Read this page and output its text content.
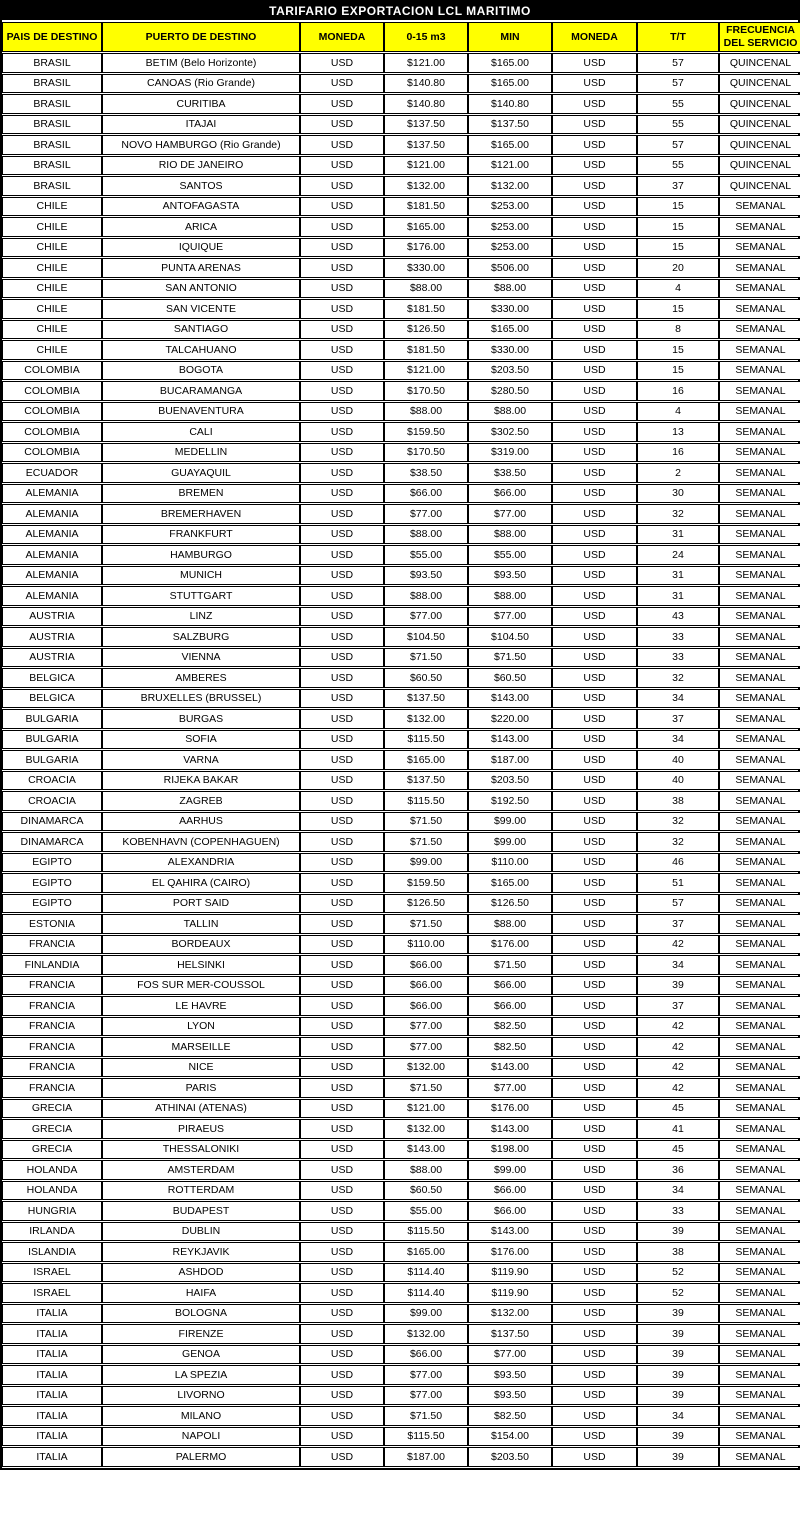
TARIFARIO EXPORTACION LCL MARITIMO
PAIS DE DESTINO	PUERTO DE DESTINO	MONEDA	0-15 m3	MIN	MONEDA	T/T	FRECUENCIA DEL SERVICIO
BRASIL	BETIM (Belo Horizonte)	USD	$121.00	$165.00	USD	57	QUINCENAL
BRASIL	CANOAS (Rio Grande)	USD	$140.80	$165.00	USD	57	QUINCENAL
BRASIL	CURITIBA	USD	$140.80	$140.80	USD	55	QUINCENAL
BRASIL	ITAJAI	USD	$137.50	$137.50	USD	55	QUINCENAL
BRASIL	NOVO HAMBURGO (Rio Grande)	USD	$137.50	$165.00	USD	57	QUINCENAL
BRASIL	RIO DE JANEIRO	USD	$121.00	$121.00	USD	55	QUINCENAL
BRASIL	SANTOS	USD	$132.00	$132.00	USD	37	QUINCENAL
CHILE	ANTOFAGASTA	USD	$181.50	$253.00	USD	15	SEMANAL
CHILE	ARICA	USD	$165.00	$253.00	USD	15	SEMANAL
CHILE	IQUIQUE	USD	$176.00	$253.00	USD	15	SEMANAL
CHILE	PUNTA ARENAS	USD	$330.00	$506.00	USD	20	SEMANAL
CHILE	SAN ANTONIO	USD	$88.00	$88.00	USD	4	SEMANAL
CHILE	SAN VICENTE	USD	$181.50	$330.00	USD	15	SEMANAL
CHILE	SANTIAGO	USD	$126.50	$165.00	USD	8	SEMANAL
CHILE	TALCAHUANO	USD	$181.50	$330.00	USD	15	SEMANAL
COLOMBIA	BOGOTA	USD	$121.00	$203.50	USD	15	SEMANAL
COLOMBIA	BUCARAMANGA	USD	$170.50	$280.50	USD	16	SEMANAL
COLOMBIA	BUENAVENTURA	USD	$88.00	$88.00	USD	4	SEMANAL
COLOMBIA	CALI	USD	$159.50	$302.50	USD	13	SEMANAL
COLOMBIA	MEDELLIN	USD	$170.50	$319.00	USD	16	SEMANAL
ECUADOR	GUAYAQUIL	USD	$38.50	$38.50	USD	2	SEMANAL
ALEMANIA	BREMEN	USD	$66.00	$66.00	USD	30	SEMANAL
ALEMANIA	BREMERHAVEN	USD	$77.00	$77.00	USD	32	SEMANAL
ALEMANIA	FRANKFURT	USD	$88.00	$88.00	USD	31	SEMANAL
ALEMANIA	HAMBURGO	USD	$55.00	$55.00	USD	24	SEMANAL
ALEMANIA	MUNICH	USD	$93.50	$93.50	USD	31	SEMANAL
ALEMANIA	STUTTGART	USD	$88.00	$88.00	USD	31	SEMANAL
AUSTRIA	LINZ	USD	$77.00	$77.00	USD	43	SEMANAL
AUSTRIA	SALZBURG	USD	$104.50	$104.50	USD	33	SEMANAL
AUSTRIA	VIENNA	USD	$71.50	$71.50	USD	33	SEMANAL
BELGICA	AMBERES	USD	$60.50	$60.50	USD	32	SEMANAL
BELGICA	BRUXELLES (BRUSSEL)	USD	$137.50	$143.00	USD	34	SEMANAL
BULGARIA	BURGAS	USD	$132.00	$220.00	USD	37	SEMANAL
BULGARIA	SOFIA	USD	$115.50	$143.00	USD	34	SEMANAL
BULGARIA	VARNA	USD	$165.00	$187.00	USD	40	SEMANAL
CROACIA	RIJEKA BAKAR	USD	$137.50	$203.50	USD	40	SEMANAL
CROACIA	ZAGREB	USD	$115.50	$192.50	USD	38	SEMANAL
DINAMARCA	AARHUS	USD	$71.50	$99.00	USD	32	SEMANAL
DINAMARCA	KOBENHAVN (COPENHAGUEN)	USD	$71.50	$99.00	USD	32	SEMANAL
EGIPTO	ALEXANDRIA	USD	$99.00	$110.00	USD	46	SEMANAL
EGIPTO	EL QAHIRA (CAIRO)	USD	$159.50	$165.00	USD	51	SEMANAL
EGIPTO	PORT SAID	USD	$126.50	$126.50	USD	57	SEMANAL
ESTONIA	TALLIN	USD	$71.50	$88.00	USD	37	SEMANAL
FRANCIA	BORDEAUX	USD	$110.00	$176.00	USD	42	SEMANAL
FINLANDIA	HELSINKI	USD	$66.00	$71.50	USD	34	SEMANAL
FRANCIA	FOS SUR MER-COUSSOL	USD	$66.00	$66.00	USD	39	SEMANAL
FRANCIA	LE HAVRE	USD	$66.00	$66.00	USD	37	SEMANAL
FRANCIA	LYON	USD	$77.00	$82.50	USD	42	SEMANAL
FRANCIA	MARSEILLE	USD	$77.00	$82.50	USD	42	SEMANAL
FRANCIA	NICE	USD	$132.00	$143.00	USD	42	SEMANAL
FRANCIA	PARIS	USD	$71.50	$77.00	USD	42	SEMANAL
GRECIA	ATHINAI (ATENAS)	USD	$121.00	$176.00	USD	45	SEMANAL
GRECIA	PIRAEUS	USD	$132.00	$143.00	USD	41	SEMANAL
GRECIA	THESSALONIKI	USD	$143.00	$198.00	USD	45	SEMANAL
HOLANDA	AMSTERDAM	USD	$88.00	$99.00	USD	36	SEMANAL
HOLANDA	ROTTERDAM	USD	$60.50	$66.00	USD	34	SEMANAL
HUNGRIA	BUDAPEST	USD	$55.00	$66.00	USD	33	SEMANAL
IRLANDA	DUBLIN	USD	$115.50	$143.00	USD	39	SEMANAL
ISLANDIA	REYKJAVIK	USD	$165.00	$176.00	USD	38	SEMANAL
ISRAEL	ASHDOD	USD	$114.40	$119.90	USD	52	SEMANAL
ISRAEL	HAIFA	USD	$114.40	$119.90	USD	52	SEMANAL
ITALIA	BOLOGNA	USD	$99.00	$132.00	USD	39	SEMANAL
ITALIA	FIRENZE	USD	$132.00	$137.50	USD	39	SEMANAL
ITALIA	GENOA	USD	$66.00	$77.00	USD	39	SEMANAL
ITALIA	LA SPEZIA	USD	$77.00	$93.50	USD	39	SEMANAL
ITALIA	LIVORNO	USD	$77.00	$93.50	USD	39	SEMANAL
ITALIA	MILANO	USD	$71.50	$82.50	USD	34	SEMANAL
ITALIA	NAPOLI	USD	$115.50	$154.00	USD	39	SEMANAL
ITALIA	PALERMO	USD	$187.00	$203.50	USD	39	SEMANAL
